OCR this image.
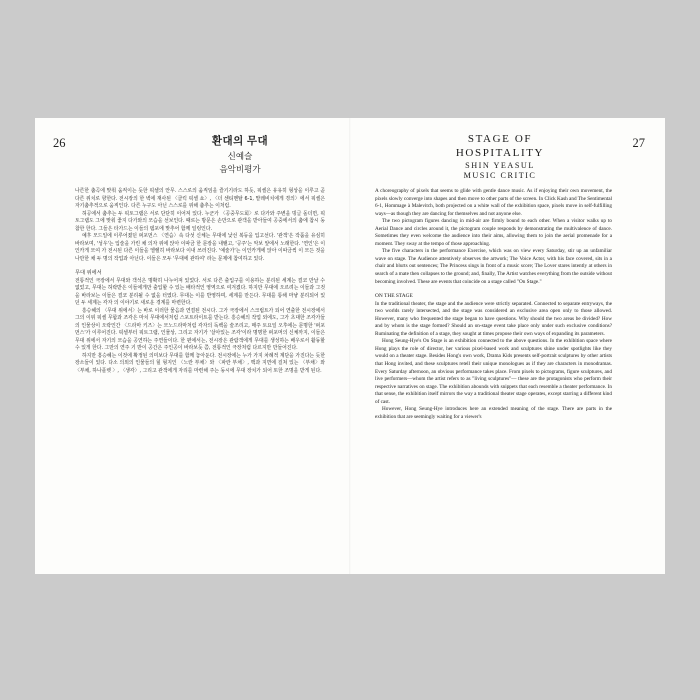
26	환대의 무대
신예슬
음악비평가

나른한 춤곡에 맞춰 움직이는 듯한 픽셀의 안무. 스스로의 움직임을 즐기기라도 하듯, 픽셀은 유유히 형상을 이루고 곧 다른 위치로 향한다. 전시장의 한 벽에 재사된 〈클릭 픽셀 쇼〉, 〈더 센티멘탈 6-1, 말레비치에게 경의〉에서 픽셀은 자기춤추적으로 움직인다. 다른 누구도 아닌 스스로를 위해 춤추는 이처럼.

허공에서 춤추는 두 픽토그램은 서로 단단히 이어져 있다. 누군가 〈공중무도회〉로 다가와 주변을 빙글 돌더면, 픽토그램도 그에 맞춰 좋지 다가와의 모습을 선보인다. 때로는 방문은 손만으로 관객을 받아들여 공중에서의 춤에 참시 동참한 한다. 그들은 타가드는 이들의 템포에 맞추어 함께 일렁인다.

예후 모드일에 이루어졌던 퍼포먼스 〈연습〉속 다섯 신체는 무대에 낯선 복등을 입고선다. '관객'은 작품을 유심히 바라보며, '성우'는 입술을 가린 채 의자 위에 앉아 이따금 한 문장을 내뱉고, '공주'는 악보 앞에서 노래한다. '연인'은 이인카게 모여 가 전시된 다른 이들을 엘렐히 바라보다 이내 쓰러진다. '예술가'는 이인카게에 앉아 이따금씩 이 모든 것을 나만한 채 두 명의 작업과 아닌다. 이들은 모두 '무대에 관하여' 라는 문제에 참여하고 있다.

무대 위에서

전통적인 극장에서 무대와 객석은 명확히 나누어져 있었다. 서로 다른 출입구를 이용하는 분리된 세계는 결코 만날 수 없었고, 무대는 허락받은 이들에게만 출입할 수 있는 배타적인 영역으로 여겨졌다. 하지만 무대에 오르려는 이들과 그것을 바라보는 이들은 결코 분리될 수 없을 터였다. 무대는 이를 반영하며, 세계를 만든다. 무대를 통해 마냥 분리되어 있던 두 세계는 각자 의 이야기로 새로운 경계를 마련한다.

홍승혜의 〈무대 위에서〉는 바로 이러한 물음과 연결된 전시다. 그가 극장에서 스크립트가 되어 연출한 전시장에서 그의 이위 픽셀 무합과 조각은 마치 무대에서처럼 스포트라이트를 받는다. 홍승혜의 작업 외에도, 그가 초대한 조각가들의 인물상이 오락인간 〈드라마 키즈〉는 모노드라마처럼 각자의 독백을 술조리고, 매주 토요일 오후에는 문명한 '퍼포먼스'가 이루어진다. 픽셀부터 픽토그램, 인물상, 그리고 자기가 '살아있는 조각'이라 명명한 퍼포머의 신체까지, 이들은 무대 위에서 자기의 모습을 공연하는 주연들이다. 한 편에서는, 전시장은 관람객에게 무대를 생성하는 배우로서 활동할 수 있게 한다. 그만의 연주 기 반이 공간은 주인공이 바라보듯 쯤, 전통적인 극장처럼 다르지만 만들어진다.

하지만 홍승혜는 이것에 확정된 의미보다 무대를 함께 놓아둔다. 전시장에는 누가 가지 차례적 계단을 가진다는 듯한 장소들이 있다. 다소 의외의 인물들의 힐 형지인 〈노란 부채〉와 〈파란 부채〉, 맥과 지면에 걸쳐 있는 〈부채〉와 〈부채, 하나플렛 〉, 〈생각〉, 그리고 관객에게 자리를 마련해 주는 동시에 무대 장치가 되어 또한 조명을 받게 된다.

27
STAGE OF
HOSPITALITY
SHIN YEASUL
MUSIC CRITIC

A choreography of pixels that seems to glide with gentle dance music. As if enjoying their own movement, the pixels slowly converge into shapes and then move to other parts of the screen. In Click Kash and The Sentimental 6-1, Hommage à Malevitch, both projected on a white wall of the exhibition space, pixels move in self-fulfilling ways—as though they are dancing for themselves and not anyone else.

The two pictogram figures dancing in mid-air are firmly bound to each other. When a visitor walks up to Aerial Dance and circles around it, the pictogram couple responds by demonstrating the multivalence of dance. Sometimes they even welcome the audience into their aims, allowing them to join the aerial promenade for a moment. They sway at the tempo of those approaching.

The five characters in the performance Exercise, which was on view every Saturday, stir up an unfamiliar wave on stage. The Audience attentively observes the artwork; The Voice Actor, with his face covered, sits in a chair and blurts out sentences; The Princess sings in front of a music score; The Lover stares intently at others in search of a mate then collapses to the ground; and, finally, The Artist watches everything from the outside without becoming involved. These are events that coincide on a stage called "On Stage."

ON THE STAGE

In the traditional theater, the stage and the audience were strictly separated. Connected to separate entryways, the two worlds rarely intersected, and the stage was considered an exclusive area open only to those allowed. However, many who frequented the stage began to have questions. Why should the two areas be divided? How and by whom is the stage formed? Should an on-stage event take place only under such exclusive conditions? Ruminating the definition of a stage, they sought at times propose their own ways of expanding its parameters.

Hong Seung-Hye's On Stage is an exhibition connected to the above questions. In the exhibition space where Hong plays the role of director, her various pixel-based work and sculptures shine under spotlights like they would on a theater stage. Besides Hong's own work, Drama Kids presents self-portrait sculptures by other artists that Hong invited, and these sculptures retell their unique monologues as if they are characters in monodramas. Every Saturday afternoon, an obvious performance takes place. From pixels to pictograms, figure sculptures, and live performers—whom the artist refers to as "living sculptures"— these are the protagonists who perform their respective narratives on stage. The exhibition abounds with snippets that each resemble a theater performance. In that sense, the exhibition itself mirrors the way a traditional theater stage operates, except starring a different kind of cast.

However, Hong Seung-Hye introduces here an extended meaning of the stage. There are parts in the exhibition that are seemingly waiting for a viewer's
